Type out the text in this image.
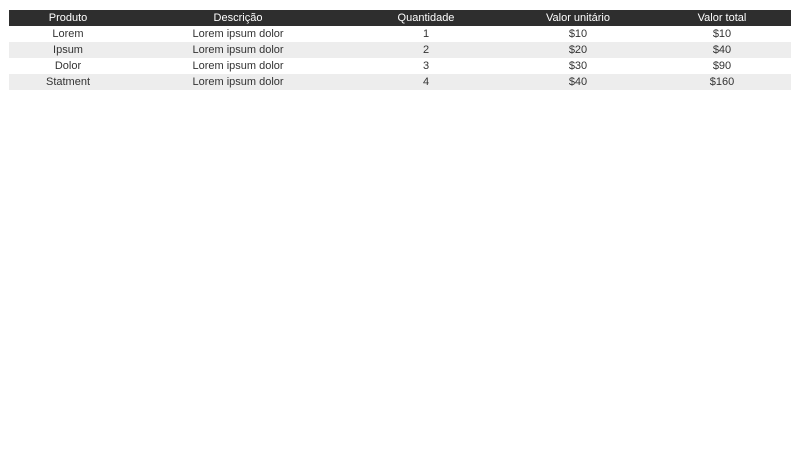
Produto	Descrição	Quantidade	Valor unitário	Valor total
Lorem	Lorem ipsum dolor	1	$10	$10
Ipsum	Lorem ipsum dolor	2	$20	$40
Dolor	Lorem ipsum dolor	3	$30	$90
Statment	Lorem ipsum dolor	4	$40	$160
